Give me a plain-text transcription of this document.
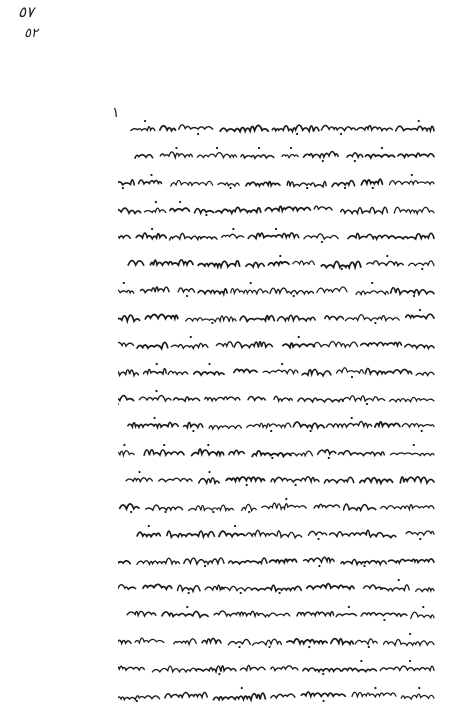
٥٧
٥٢
۱
